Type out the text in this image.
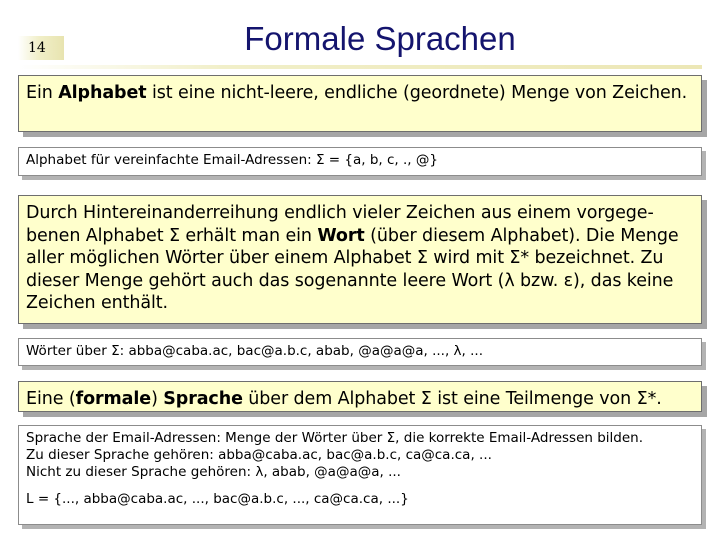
14	Formale Sprachen
Ein Alphabet ist eine nicht-leere, endliche (geordnete) Menge von Zeichen.
Alphabet für vereinfachte Email-Adressen: Σ = {a, b, c, ., @}
Durch Hintereinanderreihung endlich vieler Zeichen aus einem vorgege-
benen Alphabet Σ erhält man ein Wort (über diesem Alphabet). Die Menge
aller möglichen Wörter über einem Alphabet Σ wird mit Σ* bezeichnet. Zu
dieser Menge gehört auch das sogenannte leere Wort (λ bzw. ε), das keine
Zeichen enthält.
Wörter über Σ: abba@caba.ac, bac@a.b.c, abab, @a@a@a, ..., λ, ...
Eine (formale) Sprache über dem Alphabet Σ ist eine Teilmenge von Σ*.
Sprache der Email-Adressen: Menge der Wörter über Σ, die korrekte Email-Adressen bilden.
Zu dieser Sprache gehören: abba@caba.ac, bac@a.b.c, ca@ca.ca, ...
Nicht zu dieser Sprache gehören: λ, abab, @a@a@a, ...
L = {..., abba@caba.ac, ..., bac@a.b.c, ..., ca@ca.ca, ...}
